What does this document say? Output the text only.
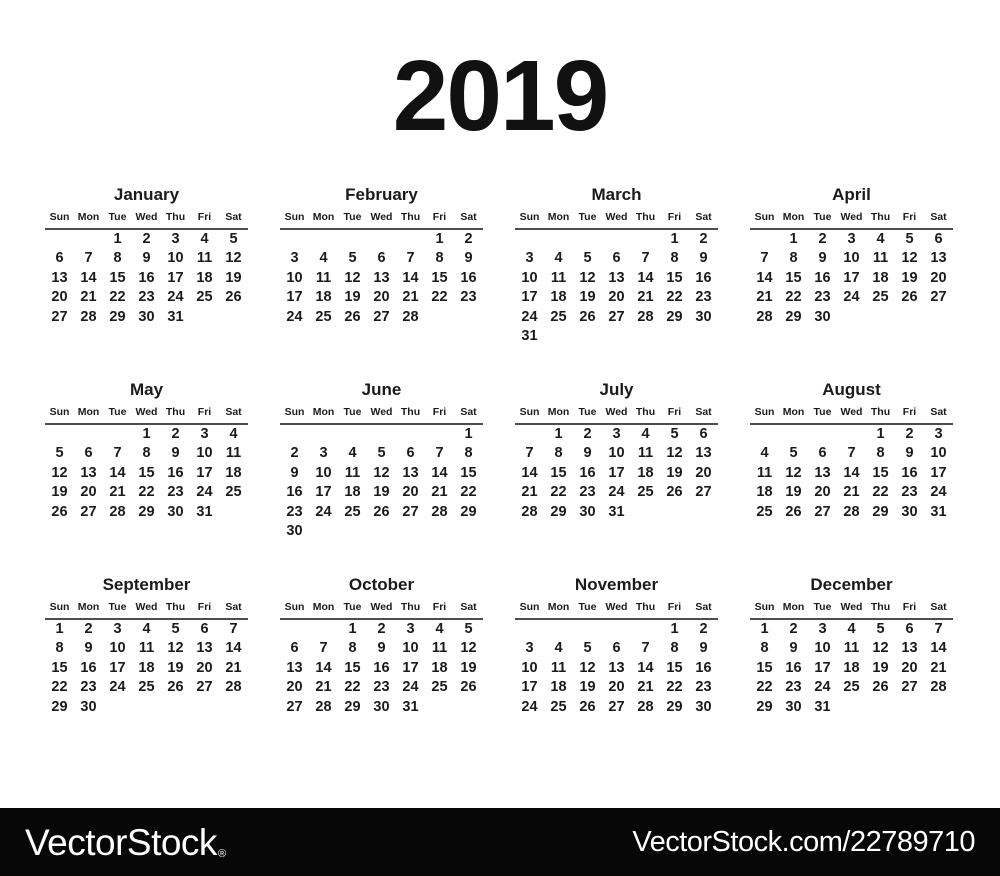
2019
January
Sun	Mon	Tue	Wed	Thu	Fri	Sat
		1	2	3	4	5
6	7	8	9	10	11	12
13	14	15	16	17	18	19
20	21	22	23	24	25	26
27	28	29	30	31		
February
Sun	Mon	Tue	Wed	Thu	Fri	Sat
					1	2
3	4	5	6	7	8	9
10	11	12	13	14	15	16
17	18	19	20	21	22	23
24	25	26	27	28		
March
Sun	Mon	Tue	Wed	Thu	Fri	Sat
					1	2
3	4	5	6	7	8	9
10	11	12	13	14	15	16
17	18	19	20	21	22	23
24	25	26	27	28	29	30
31						
April
Sun	Mon	Tue	Wed	Thu	Fri	Sat
	1	2	3	4	5	6
7	8	9	10	11	12	13
14	15	16	17	18	19	20
21	22	23	24	25	26	27
28	29	30				
May
Sun	Mon	Tue	Wed	Thu	Fri	Sat
			1	2	3	4
5	6	7	8	9	10	11
12	13	14	15	16	17	18
19	20	21	22	23	24	25
26	27	28	29	30	31	
June
Sun	Mon	Tue	Wed	Thu	Fri	Sat
						1
2	3	4	5	6	7	8
9	10	11	12	13	14	15
16	17	18	19	20	21	22
23	24	25	26	27	28	29
30						
July
Sun	Mon	Tue	Wed	Thu	Fri	Sat
	1	2	3	4	5	6
7	8	9	10	11	12	13
14	15	16	17	18	19	20
21	22	23	24	25	26	27
28	29	30	31			
August
Sun	Mon	Tue	Wed	Thu	Fri	Sat
				1	2	3
4	5	6	7	8	9	10
11	12	13	14	15	16	17
18	19	20	21	22	23	24
25	26	27	28	29	30	31
September
Sun	Mon	Tue	Wed	Thu	Fri	Sat
1	2	3	4	5	6	7
8	9	10	11	12	13	14
15	16	17	18	19	20	21
22	23	24	25	26	27	28
29	30					
October
Sun	Mon	Tue	Wed	Thu	Fri	Sat
		1	2	3	4	5
6	7	8	9	10	11	12
13	14	15	16	17	18	19
20	21	22	23	24	25	26
27	28	29	30	31		
November
Sun	Mon	Tue	Wed	Thu	Fri	Sat
					1	2
3	4	5	6	7	8	9
10	11	12	13	14	15	16
17	18	19	20	21	22	23
24	25	26	27	28	29	30
December
Sun	Mon	Tue	Wed	Thu	Fri	Sat
1	2	3	4	5	6	7
8	9	10	11	12	13	14
15	16	17	18	19	20	21
22	23	24	25	26	27	28
29	30	31				
VectorStock®	VectorStock.com/22789710
